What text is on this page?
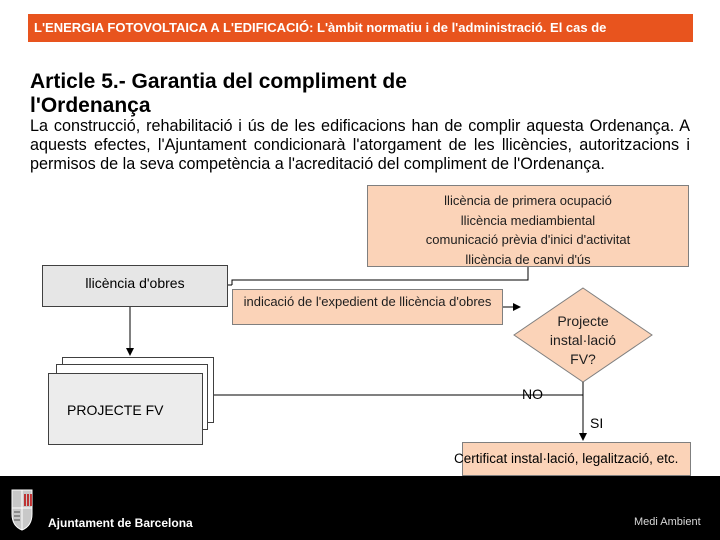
L'ENERGIA FOTOVOLTAICA A L'EDIFICACIÓ: L'àmbit normatiu i de l'administració. El cas de
Article 5.- Garantia del compliment de l'Ordenança
La construcció, rehabilitació i ús de les edificacions han de complir aquesta Ordenança. A aquests efectes, l'Ajuntament condicionarà l'atorgament de les llicències, autoritzacions i permisos de la seva competència a l'acreditació del compliment de l'Ordenança.
llicència de primera ocupació
llicència mediambiental
comunicació prèvia d'inici d'activitat
llicència de canvi d'ús
llicència d'obres
indicació de l'expedient de llicència d'obres
PROJECTE FV
Projecte instal·lació FV?
NO
SI
Certificat instal·lació, legalització, etc.
Ajuntament de Barcelona	Medi Ambient
